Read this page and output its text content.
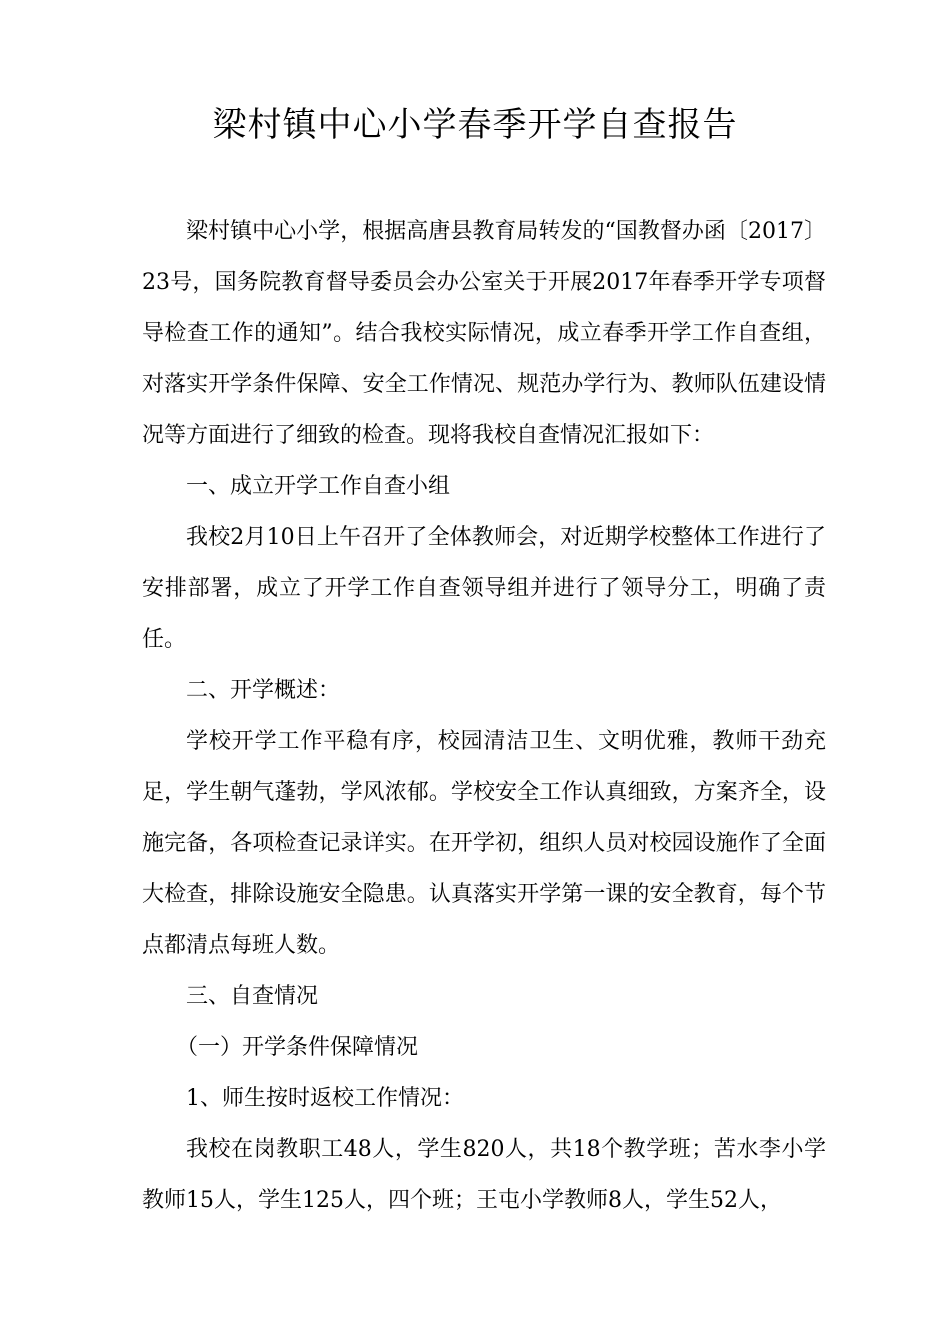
梁村镇中心小学春季开学自查报告

梁村镇中心小学，根据高唐县教育局转发的“国教督办函〔2017〕23号，国务院教育督导委员会办公室关于开展2017年春季开学专项督导检查工作的通知”。结合我校实际情况，成立春季开学工作自查组，对落实开学条件保障、安全工作情况、规范办学行为、教师队伍建设情况等方面进行了细致的检查。现将我校自查情况汇报如下：

一、成立开学工作自查小组

我校2月10日上午召开了全体教师会，对近期学校整体工作进行了安排部署，成立了开学工作自查领导组并进行了领导分工，明确了责任。

二、开学概述：

学校开学工作平稳有序，校园清洁卫生、文明优雅，教师干劲充足，学生朝气蓬勃，学风浓郁。学校安全工作认真细致，方案齐全，设施完备，各项检查记录详实。在开学初，组织人员对校园设施作了全面大检查，排除设施安全隐患。认真落实开学第一课的安全教育，每个节点都清点每班人数。

三、自查情况

（一）开学条件保障情况

1、师生按时返校工作情况：

我校在岗教职工48人，学生820人，共18个教学班；苦水李小学教师15人，学生125人，四个班；王屯小学教师8人，学生52人，
